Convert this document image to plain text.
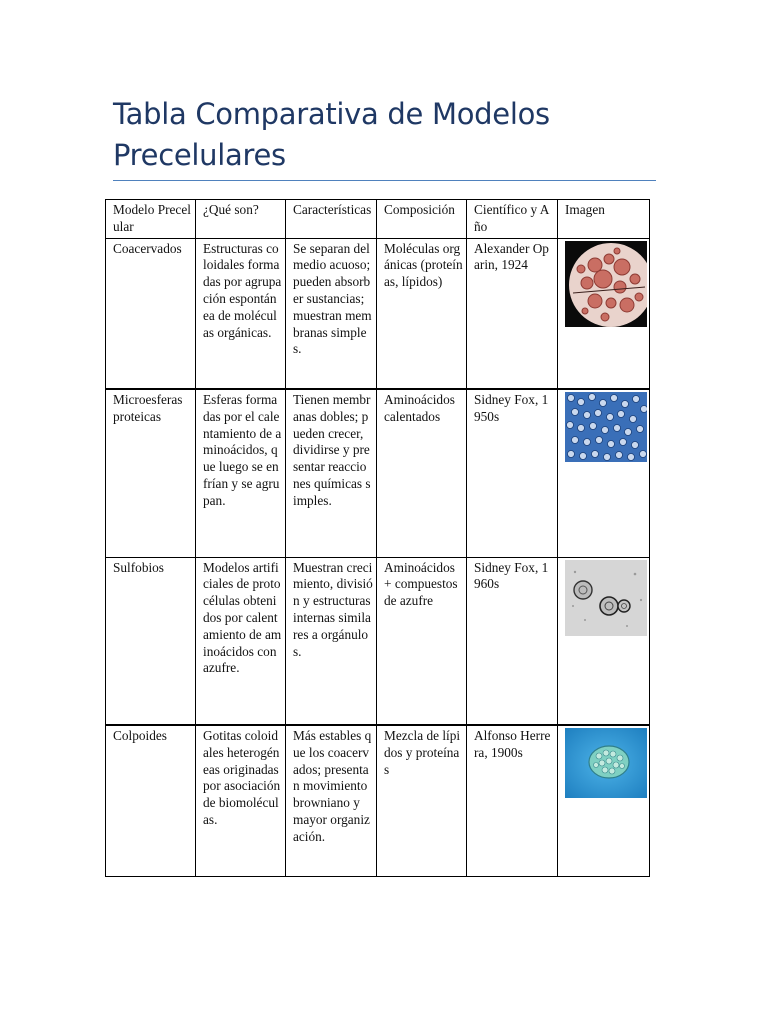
Tabla Comparativa de Modelos Precelulares
Modelo Precelular	¿Qué son?	Características	Composición	Científico y Año	Imagen
Coacervados	Estructuras coloidales formadas por agrupación espontánea de moléculas orgánicas.	Se separan del medio acuoso; pueden absorber sustancias; muestran membranas simples.	Moléculas orgánicas (proteínas, lípidos)	Alexander Oparin, 1924	

Microesferas proteicas	Esferas formadas por el calentamiento de aminoácidos, que luego se enfrían y se agrupan.	Tienen membranas dobles; pueden crecer, dividirse y presentar reacciones químicas simples.	Aminoácidos calentados	Sidney Fox, 1950s	

Sulfobios	Modelos artificiales de protocélulas obtenidos por calentamiento de aminoácidos con azufre.	Muestran crecimiento, división y estructuras internas similares a orgánulos.	Aminoácidos + compuestos de azufre	Sidney Fox, 1960s	

Colpoides	Gotitas coloidales heterogéneas originadas por asociación de biomoléculas.	Más estables que los coacervados; presentan movimiento browniano y mayor organización.	Mezcla de lípidos y proteínas	Alfonso Herrera, 1900s	
